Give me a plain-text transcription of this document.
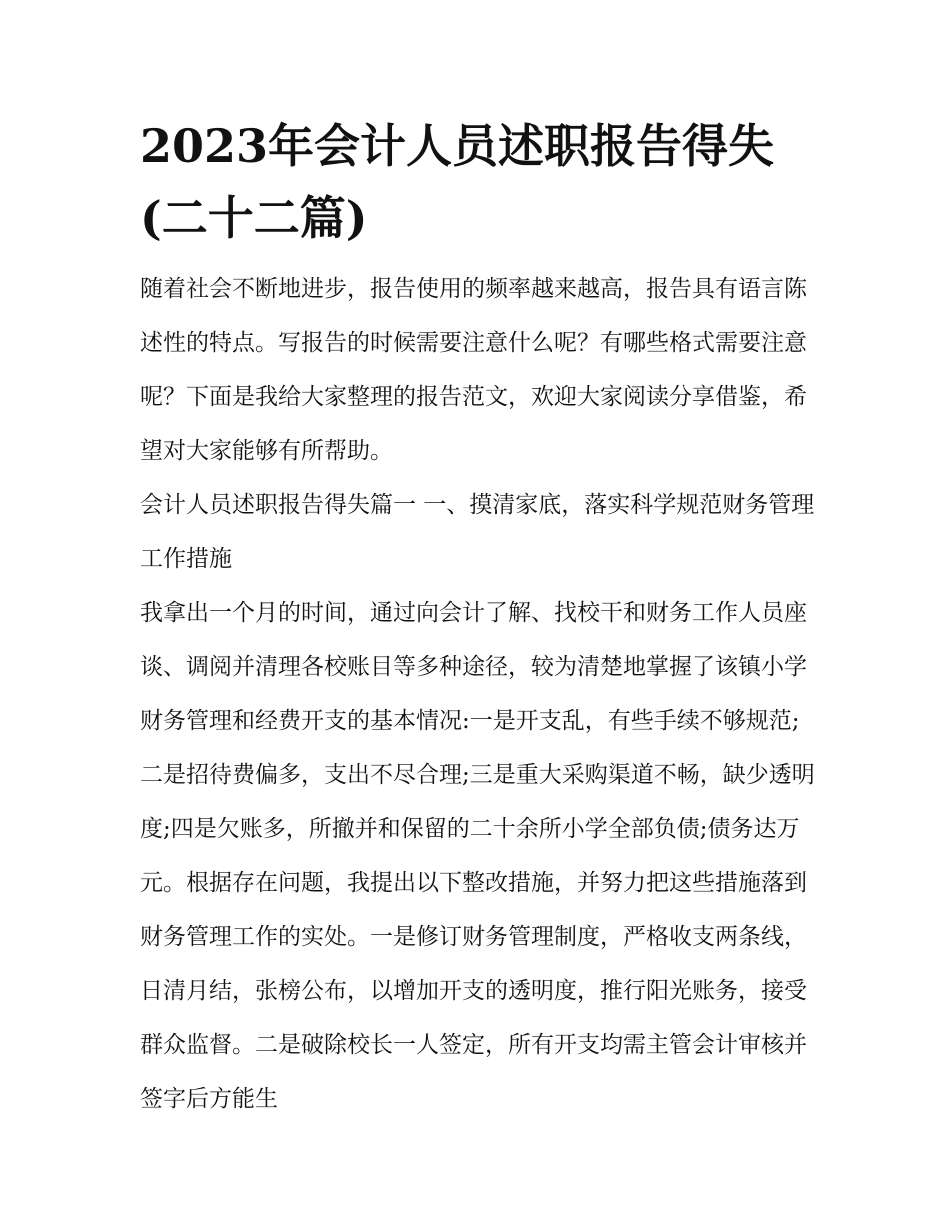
2023年会计人员述职报告得失(二十二篇)

随着社会不断地进步，报告使用的频率越来越高，报告具有语言陈述性的特点。写报告的时候需要注意什么呢？有哪些格式需要注意呢？下面是我给大家整理的报告范文，欢迎大家阅读分享借鉴，希望对大家能够有所帮助。

会计人员述职报告得失篇一 一、摸清家底，落实科学规范财务管理工作措施

我拿出一个月的时间，通过向会计了解、找校干和财务工作人员座谈、调阅并清理各校账目等多种途径，较为清楚地掌握了该镇小学财务管理和经费开支的基本情况:一是开支乱，有些手续不够规范;二是招待费偏多，支出不尽合理;三是重大采购渠道不畅，缺少透明度;四是欠账多，所撤并和保留的二十余所小学全部负债;债务达万元。根据存在问题，我提出以下整改措施，并努力把这些措施落到财务管理工作的实处。一是修订财务管理制度，严格收支两条线，日清月结，张榜公布，以增加开支的透明度，推行阳光账务，接受群众监督。二是破除校长一人签定，所有开支均需主管会计审核并签字后方能生
